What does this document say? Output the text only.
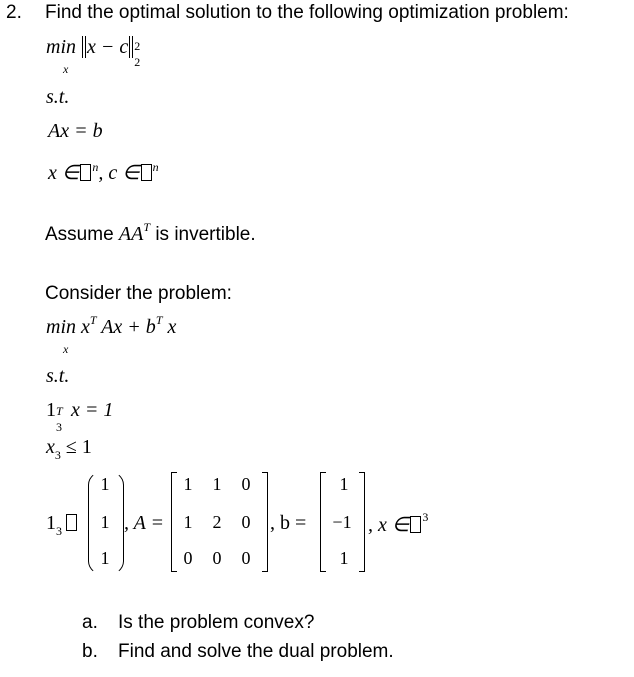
2. Find the optimal solution to the following optimization problem:
min x − c 2
2
x
s.t.
Ax = b
x ∈ $^n$, c ∈ $^n$
Assume $AA^T$ is invertible.
Consider the problem:
$\min x^T$ $Ax + b^T$ x
x
s.t.
1 T
3
x = 1
$x_3 \le 1$
$1_3$
1
1
1
, A =
1	1	0
1	2	0
0	0	0
, b =
1
−1
1
, x ∈ $^3$
a. Is the problem convex?
b. Find and solve the dual problem.
